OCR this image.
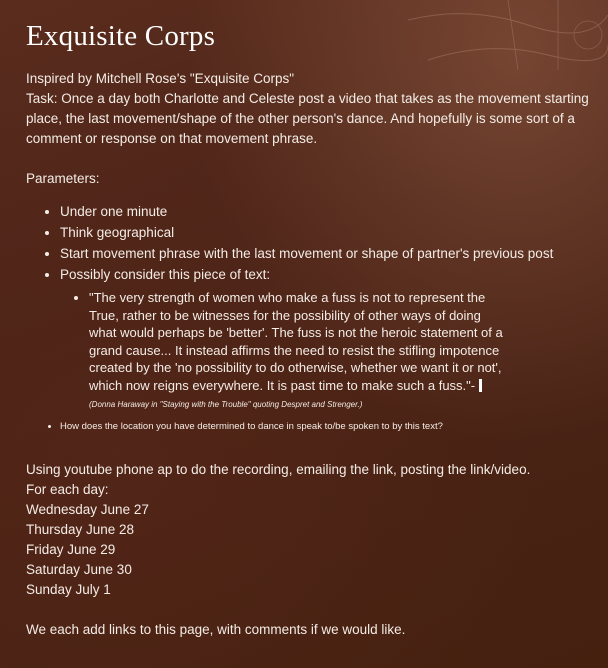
Exquisite Corps

Inspired by Mitchell Rose's "Exquisite Corps"

Task: Once a day both Charlotte and Celeste post a video that takes as the movement starting place, the last movement/shape of the other person's dance. And hopefully is some sort of a comment or response on that movement phrase.

Parameters:

• Under one minute
• Think geographical
• Start movement phrase with the last movement or shape of partner's previous post
• Possibly consider this piece of text:
• "The very strength of women who make a fuss is not to represent the True, rather to be witnesses for the possibility of other ways of doing what would perhaps be 'better'. The fuss is not the heroic statement of a grand cause... It instead affirms the need to resist the stifling impotence created by the 'no possibility to do otherwise, whether we want it or not', which now reigns everywhere. It is past time to make such a fuss."- (Donna Haraway in "Staying with the Trouble" quoting Despret and Strenger.)
• How does the location you have determined to dance in speak to/be spoken to by this text?

Using youtube phone ap to do the recording, emailing the link, posting the link/video.

For each day:

Wednesday June 27
Thursday June 28
Friday June 29
Saturday June 30
Sunday July 1

We each add links to this page, with comments if we would like.
